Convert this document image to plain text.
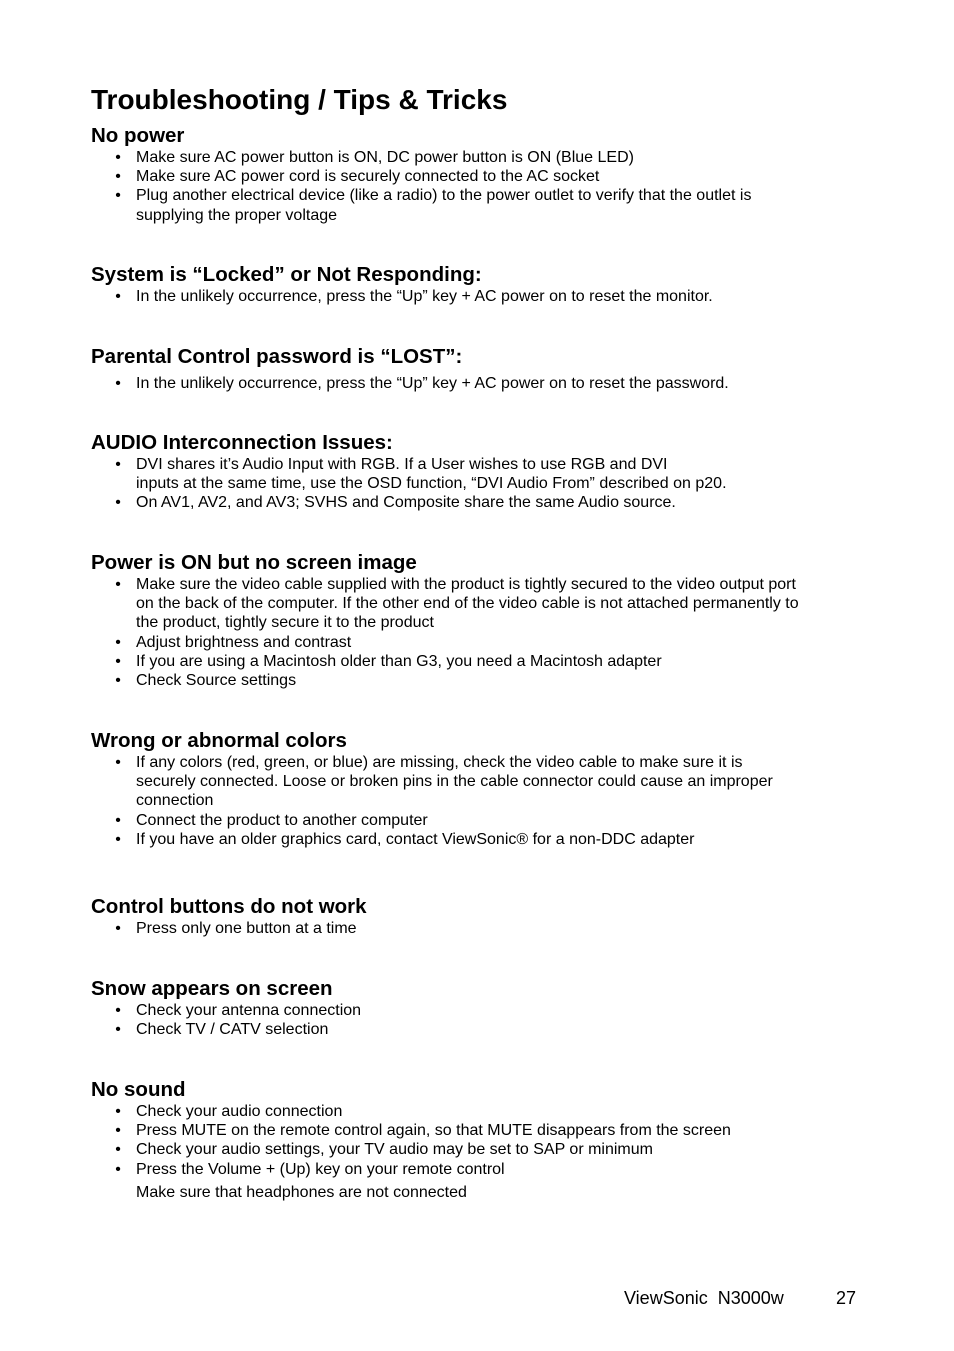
Troubleshooting / Tips & Tricks
No power
• Make sure AC power button is ON, DC power button is ON (Blue LED)
• Make sure AC power cord is securely connected to the AC socket
• Plug another electrical device (like a radio) to the power outlet to verify that the outlet is
supplying the proper voltage
System is “Locked” or Not Responding:
• In the unlikely occurrence, press the “Up” key + AC power on to reset the monitor.
Parental Control password is “LOST”:
• In the unlikely occurrence, press the “Up” key + AC power on to reset the password.
AUDIO Interconnection Issues:
• DVI shares it’s Audio Input with RGB. If a User wishes to use RGB and DVI
inputs at the same time, use the OSD function, “DVI Audio From” described on p20.
• On AV1, AV2, and AV3; SVHS and Composite share the same Audio source.
Power is ON but no screen image
• Make sure the video cable supplied with the product is tightly secured to the video output port
on the back of the computer. If the other end of the video cable is not attached permanently to
the product, tightly secure it to the product
• Adjust brightness and contrast
• If you are using a Macintosh older than G3, you need a Macintosh adapter
• Check Source settings
Wrong or abnormal colors
• If any colors (red, green, or blue) are missing, check the video cable to make sure it is
securely connected. Loose or broken pins in the cable connector could cause an improper
connection
• Connect the product to another computer
• If you have an older graphics card, contact ViewSonic® for a non-DDC adapter
Control buttons do not work
• Press only one button at a time
Snow appears on screen
• Check your antenna connection
• Check TV / CATV selection
No sound
• Check your audio connection
• Press MUTE on the remote control again, so that MUTE disappears from the screen
• Check your audio settings, your TV audio may be set to SAP or minimum
• Press the Volume + (Up) key on your remote control
Make sure that headphones are not connected
ViewSonic  N3000w	27
